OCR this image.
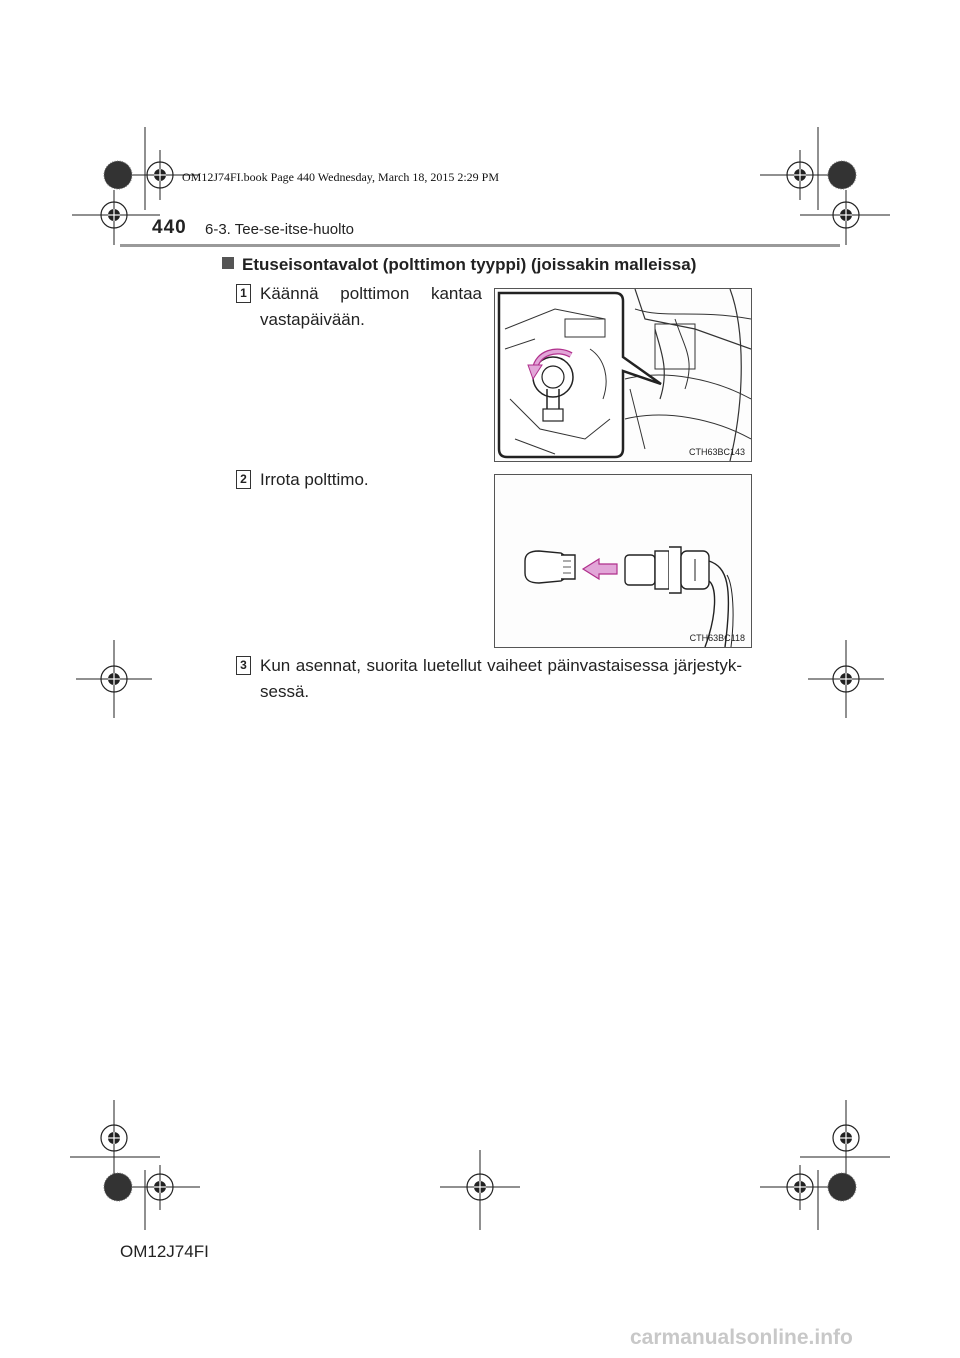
OM12J74FI.book Page 440 Wednesday, March 18, 2015 2:29 PM
440 6-3. Tee-se-itse-huolto
Etuseisontavalot (polttimon tyyppi) (joissakin malleissa)
1 Käännä polttimon kantaa
vastapäivään.
CTH63BC143
2 Irrota polttimo.
CTH63BC118
3 Kun asennat, suorita luetellut vaiheet päinvastaisessa järjestyk-
sessä.
OM12J74FI
carmanualsonline.info
